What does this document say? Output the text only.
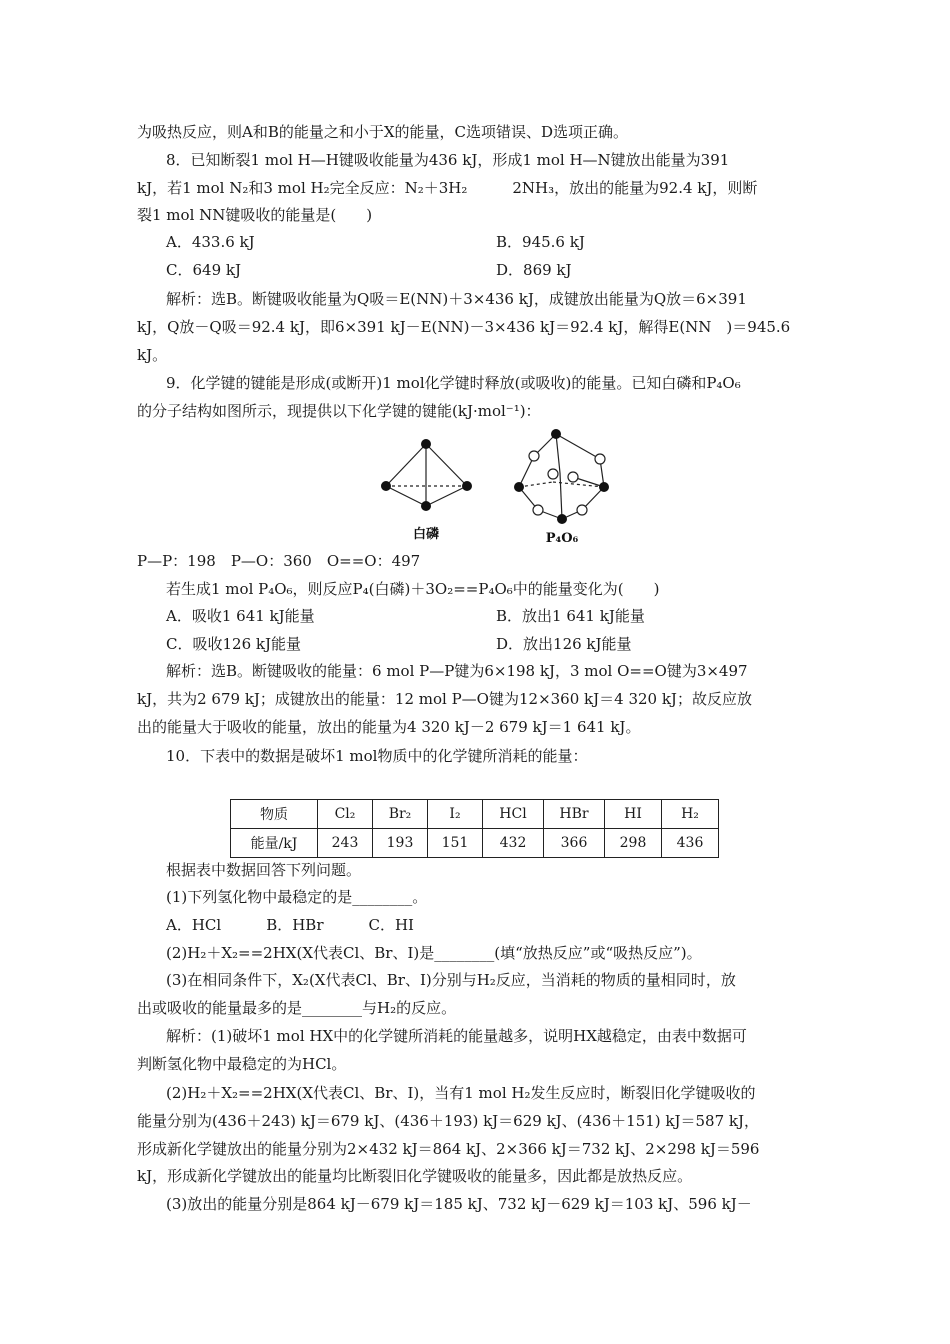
为吸热反应，则A和B的能量之和小于X的能量，C选项错误、D选项正确。
8．已知断裂1 mol H—H键吸收能量为436 kJ，形成1 mol H—N键放出能量为391
kJ，若1 mol N₂和3 mol H₂完全反应：N₂＋3H₂　　　2NH₃，放出的能量为92.4 kJ，则断
裂1 mol NN键吸收的能量是(　　)
A．433.6 kJ	B．945.6 kJ
C．649 kJ	D．869 kJ
解析：选B。断键吸收能量为Q吸＝E(NN)＋3×436 kJ，成键放出能量为Q放＝6×391
kJ，Q放－Q吸＝92.4 kJ，即6×391 kJ－E(NN)－3×436 kJ＝92.4 kJ，解得E(NN　)＝945.6
kJ。
9．化学键的键能是形成(或断开)1 mol化学键时释放(或吸收)的能量。已知白磷和P₄O₆
的分子结构如图所示，现提供以下化学键的键能(kJ·mol⁻¹)：
白磷	P₄O₆
P—P：198　P—O：360　O==O：497
若生成1 mol P₄O₆，则反应P₄(白磷)＋3O₂==P₄O₆中的能量变化为(　　)
A．吸收1 641 kJ能量	B．放出1 641 kJ能量
C．吸收126 kJ能量	D．放出126 kJ能量
解析：选B。断键吸收的能量：6 mol P—P键为6×198 kJ，3 mol O==O键为3×497
kJ，共为2 679 kJ；成键放出的能量：12 mol P—O键为12×360 kJ＝4 320 kJ；故反应放
出的能量大于吸收的能量，放出的能量为4 320 kJ－2 679 kJ＝1 641 kJ。
10．下表中的数据是破坏1 mol物质中的化学键所消耗的能量：
物质	Cl₂	Br₂	I₂	HCl	HBr	HI	H₂
能量/kJ	243	193	151	432	366	298	436
根据表中数据回答下列问题。
(1)下列氢化物中最稳定的是________。
A．HCl　　　B．HBr　　　C．HI
(2)H₂＋X₂==2HX(X代表Cl、Br、I)是________(填“放热反应”或“吸热反应”)。
(3)在相同条件下，X₂(X代表Cl、Br、I)分别与H₂反应，当消耗的物质的量相同时，放
出或吸收的能量最多的是________与H₂的反应。
解析：(1)破坏1 mol HX中的化学键所消耗的能量越多，说明HX越稳定，由表中数据可
判断氢化物中最稳定的为HCl。
(2)H₂＋X₂==2HX(X代表Cl、Br、I)，当有1 mol H₂发生反应时，断裂旧化学键吸收的
能量分别为(436＋243) kJ＝679 kJ、(436＋193) kJ＝629 kJ、(436＋151) kJ＝587 kJ，
形成新化学键放出的能量分别为2×432 kJ＝864 kJ、2×366 kJ＝732 kJ、2×298 kJ＝596
kJ，形成新化学键放出的能量均比断裂旧化学键吸收的能量多，因此都是放热反应。
(3)放出的能量分别是864 kJ－679 kJ＝185 kJ、732 kJ－629 kJ＝103 kJ、596 kJ－
